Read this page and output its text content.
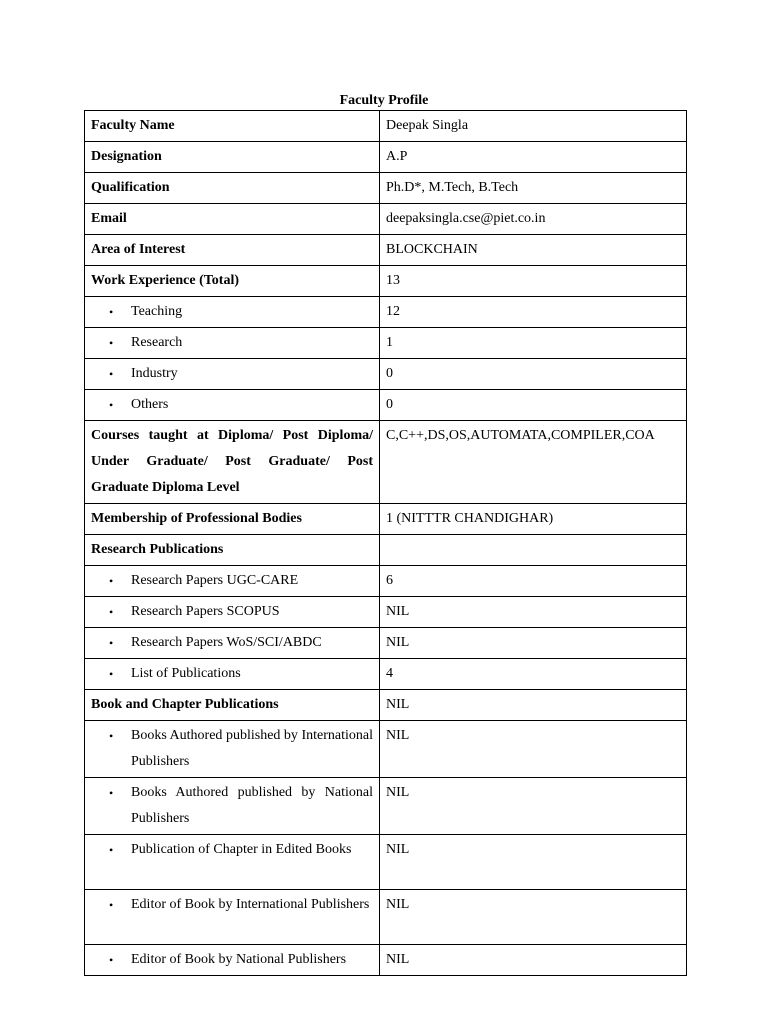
Faculty Profile
Faculty Name	Deepak Singla
Designation	A.P
Qualification	Ph.D*, M.Tech, B.Tech
Email	deepaksingla.cse@piet.co.in
Area of Interest	BLOCKCHAIN
Work Experience (Total)	13

• Teaching	12

• Research	1

• Industry	0

• Others	0
Courses taught at Diploma/ Post Diploma/ Under Graduate/ Post Graduate/ Post Graduate Diploma Level	C,C++,DS,OS,AUTOMATA,COMPILER,COA
Membership of Professional Bodies	1 (NITTTR CHANDIGHAR)
Research Publications	

• Research Papers UGC-CARE	6

• Research Papers SCOPUS	NIL

• Research Papers WoS/SCI/ABDC	NIL

• List of Publications	4
Book and Chapter Publications	NIL

• Books Authored published by International Publishers	NIL

• Books Authored published by National Publishers	NIL

• Publication of Chapter in Edited Books	NIL

• Editor of Book by International Publishers	NIL

• Editor of Book by National Publishers	NIL
